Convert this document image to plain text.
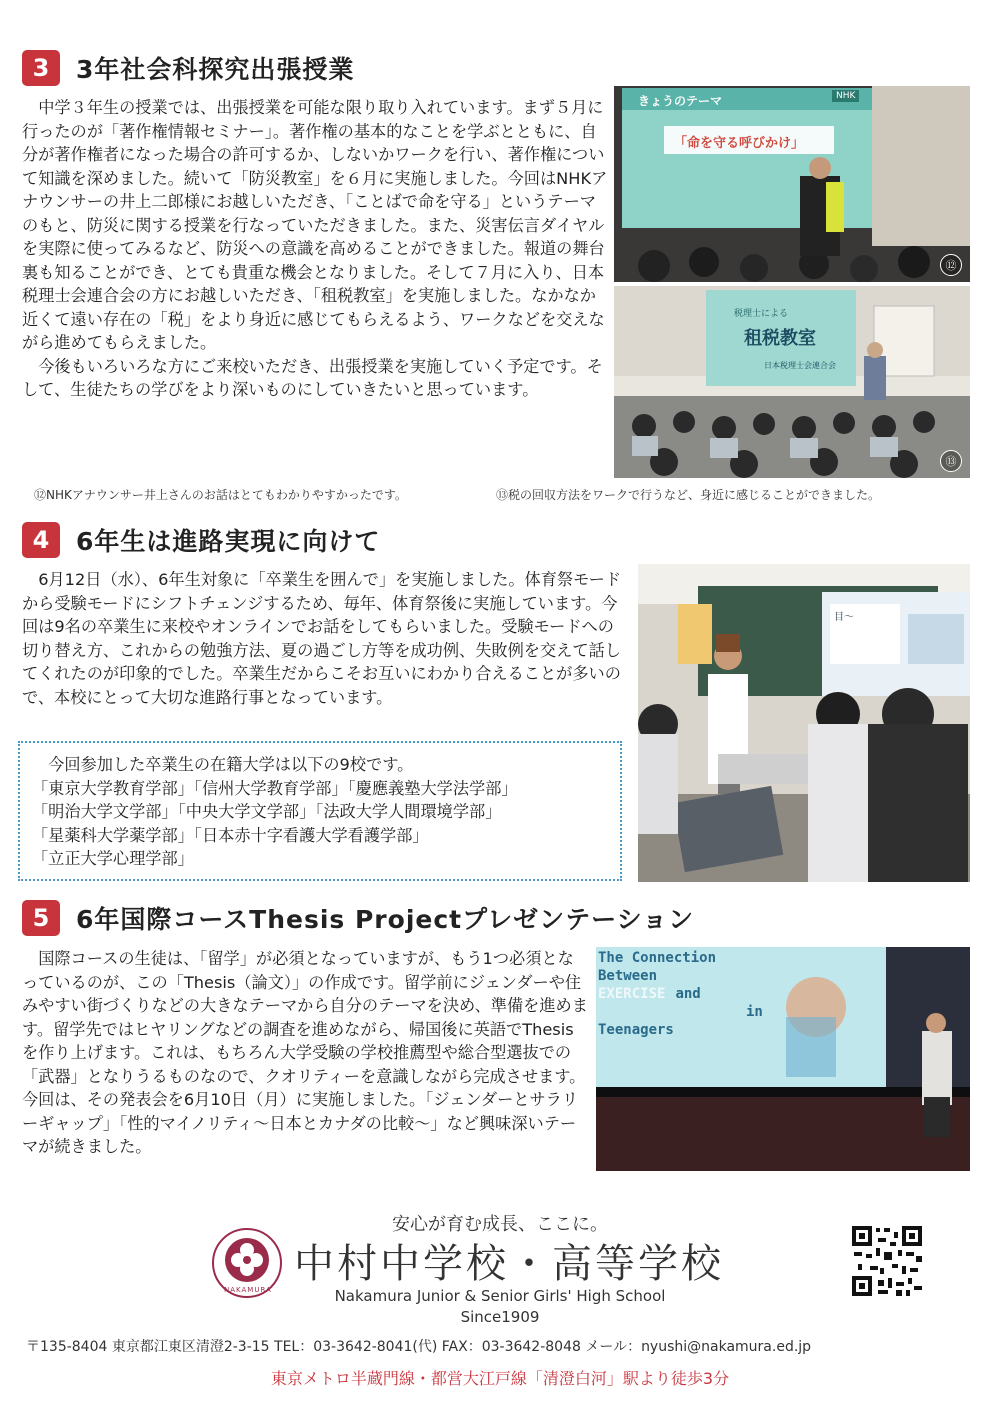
3	3年社会科探究出張授業

中学３年生の授業では、出張授業を可能な限り取り入れています。まず５月に行ったのが「著作権情報セミナー」。著作権の基本的なことを学ぶとともに、自分が著作権者になった場合の許可するか、しないかワークを行い、著作権について知識を深めました。続いて「防災教室」を６月に実施しました。今回はNHKアナウンサーの井上二郎様にお越しいただき、「ことばで命を守る」というテーマのもと、防災に関する授業を行なっていただきました。また、災害伝言ダイヤルを実際に使ってみるなど、防災への意識を高めることができました。報道の舞台裏も知ることができ、とても貴重な機会となりました。そして７月に入り、日本税理士会連合会の方にお越しいただき、「租税教室」を実施しました。なかなか近くて遠い存在の「税」をより身近に感じてもらえるよう、ワークなどを交えながら進めてもらえました。

今後もいろいろな方にご来校いただき、出張授業を実施していく予定です。そして、生徒たちの学びをより深いものにしていきたいと思っています。

きょうのテーマ	NHK
「命を守る呼びかけ」
⑫
税理士による
租税教室
日本税理士会連合会
⑬
⑫NHKアナウンサー井上さんのお話はとてもわかりやすかったです。	⑬税の回収方法をワークで行うなど、身近に感じることができました。
4	6年生は進路実現に向けて

6月12日（水）、6年生対象に「卒業生を囲んで」を実施しました。体育祭モードから受験モードにシフトチェンジするため、毎年、体育祭後に実施しています。今回は9名の卒業生に来校やオンラインでお話をしてもらいました。受験モードへの切り替え方、これからの勉強方法、夏の過ごし方等を成功例、失敗例を交えて話してくれたのが印象的でした。卒業生だからこそお互いにわかり合えることが多いので、本校にとって大切な進路行事となっています。

　今回参加した卒業生の在籍大学は以下の9校です。
「東京大学教育学部」「信州大学教育学部」「慶應義塾大学法学部」
「明治大学文学部」「中央大学文学部」「法政大学人間環境学部」
「星薬科大学薬学部」「日本赤十字看護大学看護学部」
「立正大学心理学部」
目〜
5	6年国際コースThesis Projectプレゼンテーション

国際コースの生徒は、「留学」が必須となっていますが、もう1つ必須となっているのが、この「Thesis（論文）」の作成です。留学前にジェンダーや住みやすい街づくりなどの大きなテーマから自分のテーマを決め、準備を進めます。留学先ではヒヤリングなどの調査を進めながら、帰国後に英語でThesisを作り上げます。これは、もちろん大学受験の学校推薦型や総合型選抜での「武器」となりうるものなので、クオリティーを意識しながら完成させます。今回は、その発表会を6月10日（月）に実施しました。「ジェンダーとサラリーギャップ」「性的マイノリティ〜日本とカナダの比較〜」など興味深いテーマが続きました。

The Connection
Between
EXERCISE and
in
Teenagers
安心が育む成長、ここに。
NAKAMURA
中村中学校・高等学校
Nakamura Junior & Senior Girls' High School
Since1909
〒135-8404 東京都江東区清澄2-3-15 TEL：03-3642-8041(代) FAX：03-3642-8048 メール：nyushi@nakamura.ed.jp
東京メトロ半蔵門線・都営大江戸線「清澄白河」駅より徒歩3分
